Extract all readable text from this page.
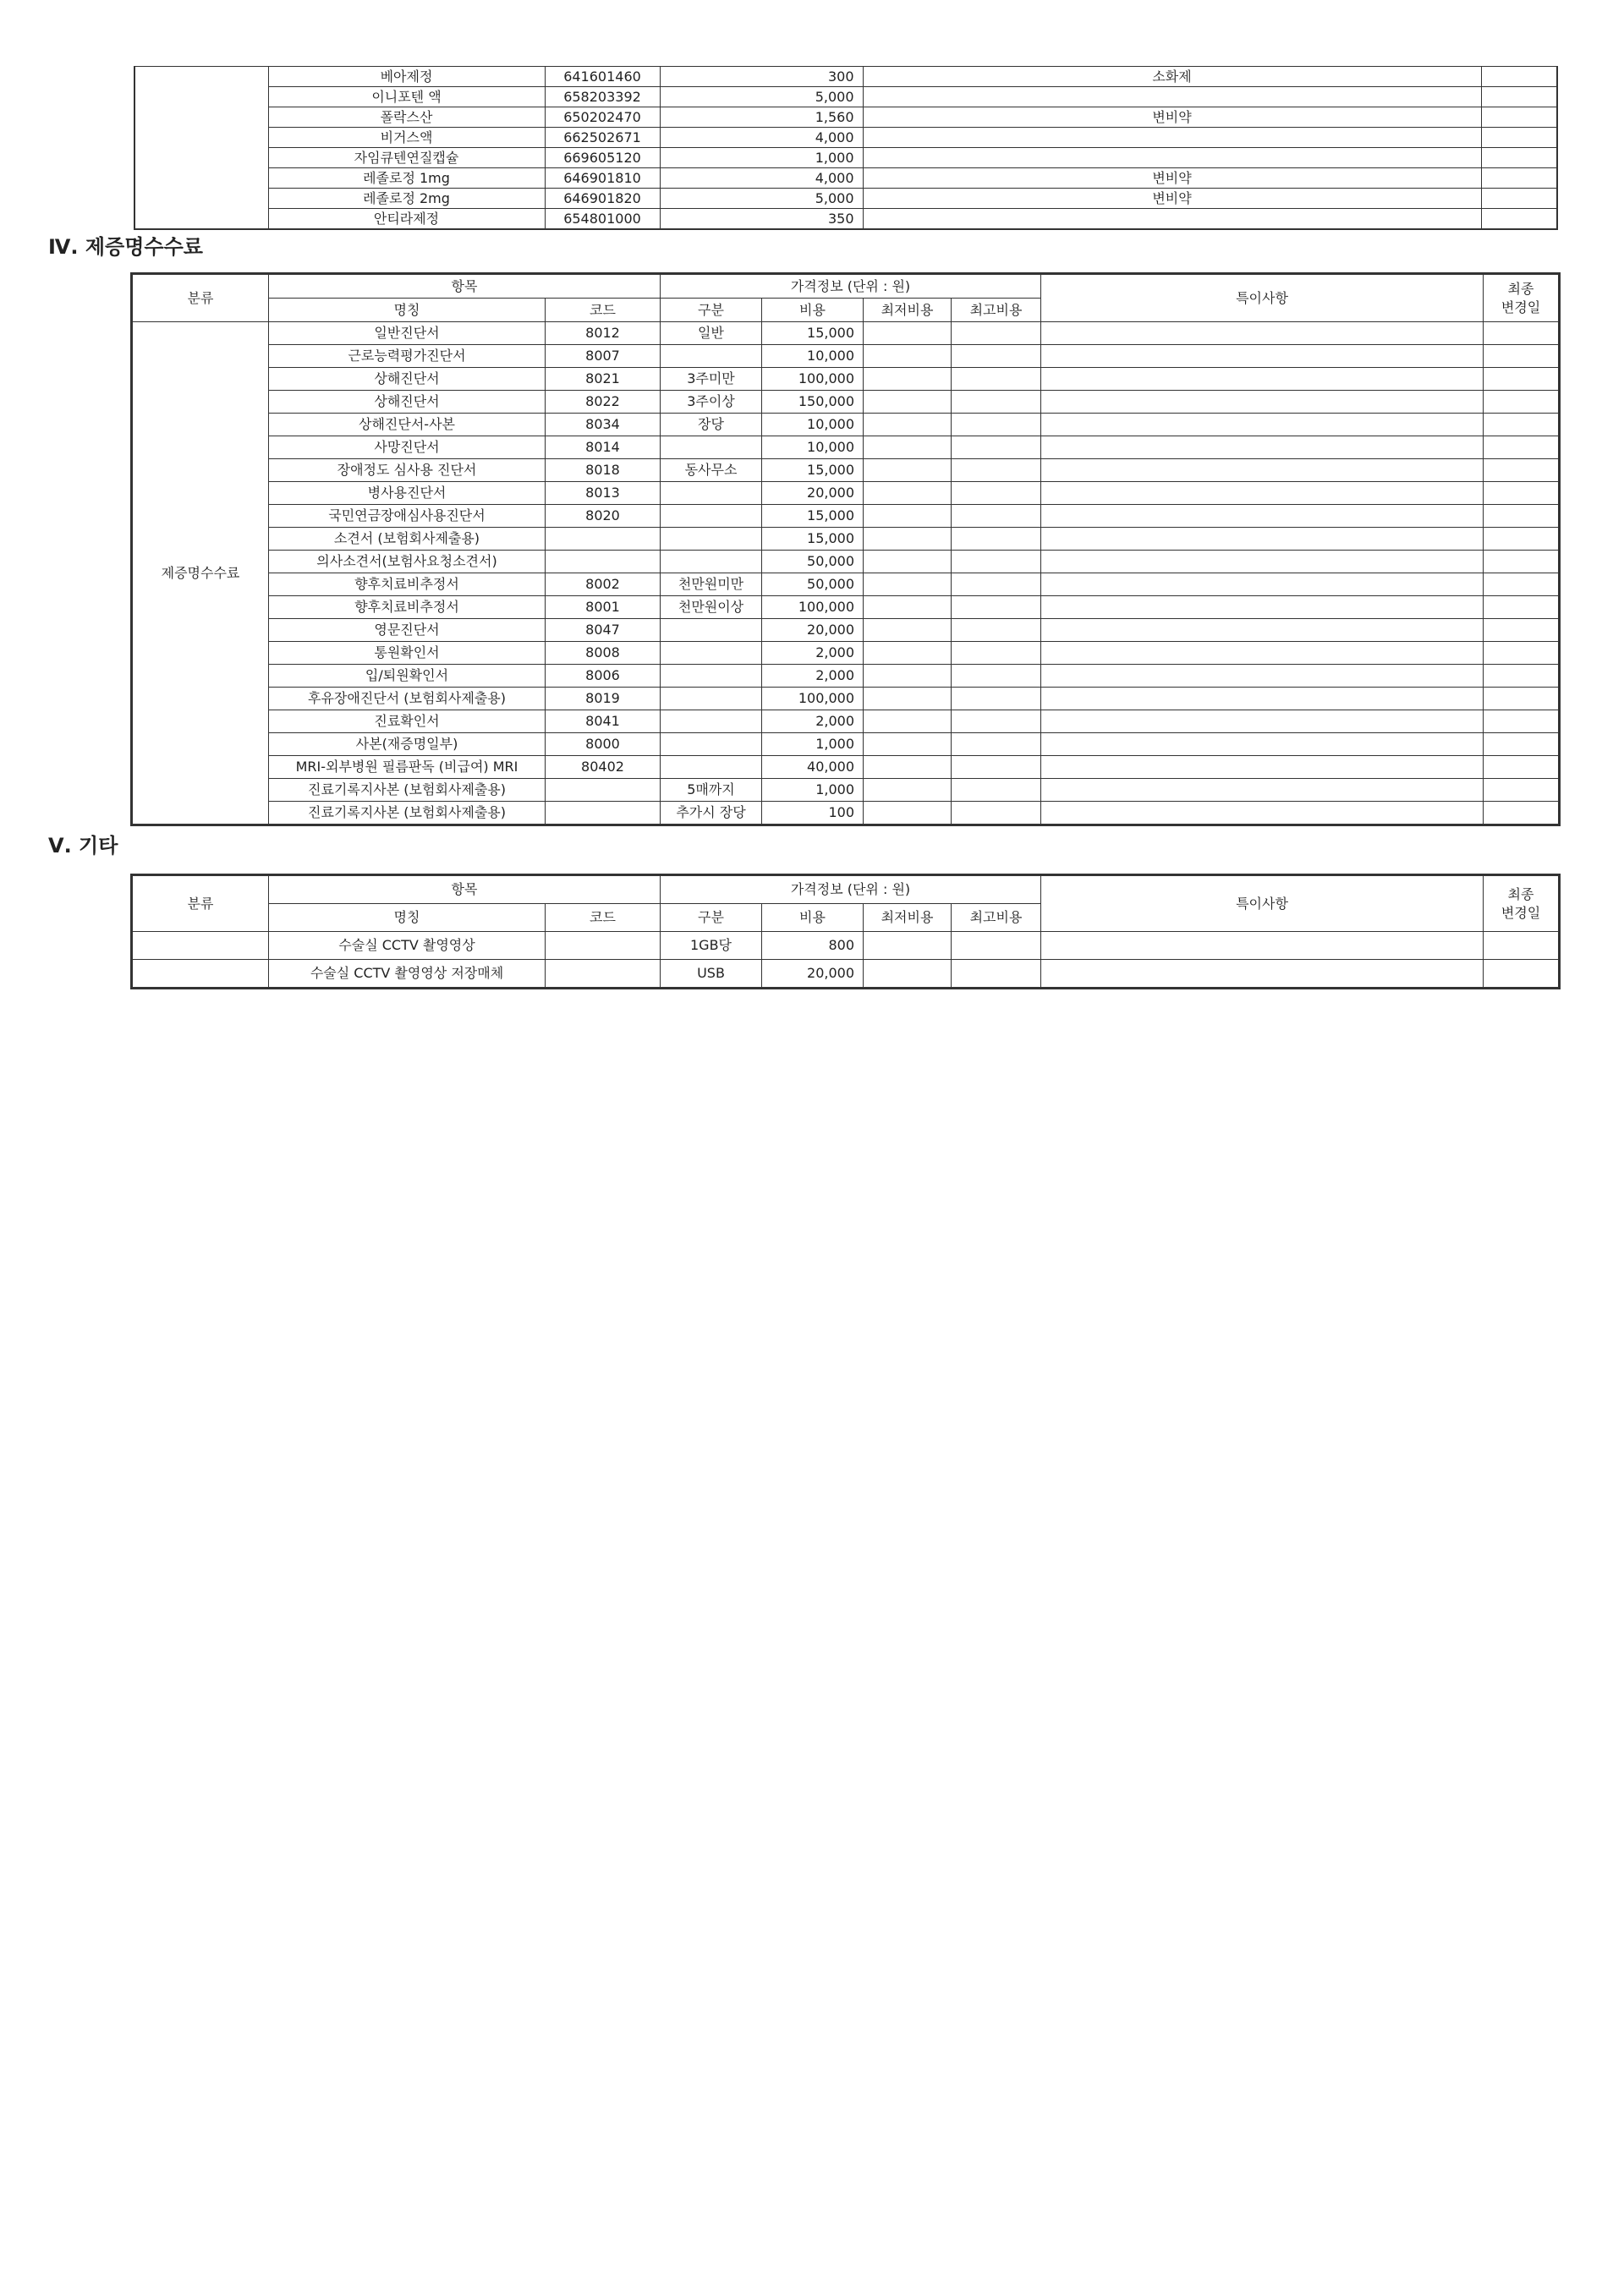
	베아제정	641601460	300	소화제	
	이니포텐 액	658203392	5,000		
	폴락스산	650202470	1,560	변비약	
	비거스액	662502671	4,000		
	자임큐텐연질캡슐	669605120	1,000		
	레졸로정 1mg	646901810	4,000	변비약	
	레졸로정 2mg	646901820	5,000	변비약	
	안티라제정	654801000	350		
Ⅳ. 제증명수수료
분류	항목		가격정보 (단위 : 원)				특이사항	최종
변경일
	명칭	코드	구분	비용	최저비용	최고비용		
제증명수수료	일반진단서	8012	일반	15,000				
	근로능력평가진단서	8007		10,000				
	상해진단서	8021	3주미만	100,000				
	상해진단서	8022	3주이상	150,000				
	상해진단서-사본	8034	장당	10,000				
	사망진단서	8014		10,000				
	장애정도 심사용 진단서	8018	동사무소	15,000				
	병사용진단서	8013		20,000				
	국민연금장애심사용진단서	8020		15,000				
	소견서 (보험회사제출용)			15,000				
	의사소견서(보험사요청소견서)			50,000				
	향후치료비추정서	8002	천만원미만	50,000				
	향후치료비추정서	8001	천만원이상	100,000				
	영문진단서	8047		20,000				
	통원확인서	8008		2,000				
	입/퇴원확인서	8006		2,000				
	후유장애진단서 (보험회사제출용)	8019		100,000				
	진료확인서	8041		2,000				
	사본(재증명일부)	8000		1,000				
	MRI-외부병원 필름판독 (비급여) MRI	80402		40,000				
	진료기록지사본 (보험회사제출용)		5매까지	1,000				
	진료기록지사본 (보험회사제출용)		추가시 장당	100				
Ⅴ. 기타
분류	항목		가격정보 (단위 : 원)				특이사항	최종
변경일
	명칭	코드	구분	비용	최저비용	최고비용		
	수술실 CCTV 촬영영상		1GB당	800				
	수술실 CCTV 촬영영상 저장매체		USB	20,000				
